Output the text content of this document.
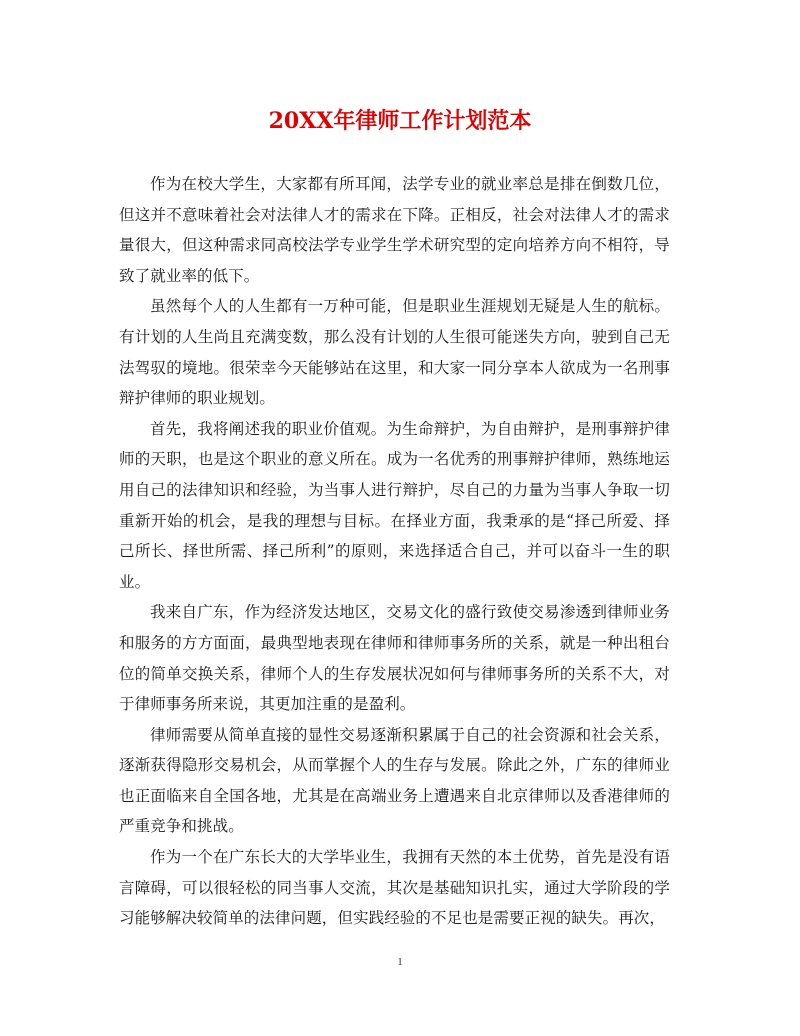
20XX年律师工作计划范本

作为在校大学生，大家都有所耳闻，法学专业的就业率总是排在倒数几位，但这并不意味着社会对法律人才的需求在下降。正相反，社会对法律人才的需求量很大，但这种需求同高校法学专业学生学术研究型的定向培养方向不相符，导致了就业率的低下。

虽然每个人的人生都有一万种可能，但是职业生涯规划无疑是人生的航标。有计划的人生尚且充满变数，那么没有计划的人生很可能迷失方向，驶到自己无法驾驭的境地。很荣幸今天能够站在这里，和大家一同分享本人欲成为一名刑事辩护律师的职业规划。

首先，我将阐述我的职业价值观。为生命辩护，为自由辩护，是刑事辩护律师的天职，也是这个职业的意义所在。成为一名优秀的刑事辩护律师，熟练地运用自己的法律知识和经验，为当事人进行辩护，尽自己的力量为当事人争取一切重新开始的机会，是我的理想与目标。在择业方面，我秉承的是“择己所爱、择己所长、择世所需、择己所利”的原则，来选择适合自己，并可以奋斗一生的职业。

我来自广东，作为经济发达地区，交易文化的盛行致使交易渗透到律师业务和服务的方方面面，最典型地表现在律师和律师事务所的关系，就是一种出租台位的简单交换关系，律师个人的生存发展状况如何与律师事务所的关系不大，对于律师事务所来说，其更加注重的是盈利。

律师需要从简单直接的显性交易逐渐积累属于自己的社会资源和社会关系，逐渐获得隐形交易机会，从而掌握个人的生存与发展。除此之外，广东的律师业也正面临来自全国各地，尤其是在高端业务上遭遇来自北京律师以及香港律师的严重竞争和挑战。

作为一个在广东长大的大学毕业生，我拥有天然的本土优势，首先是没有语言障碍，可以很轻松的同当事人交流，其次是基础知识扎实，通过大学阶段的学习能够解决较简单的法律问题，但实践经验的不足也是需要正视的缺失。再次，

1
